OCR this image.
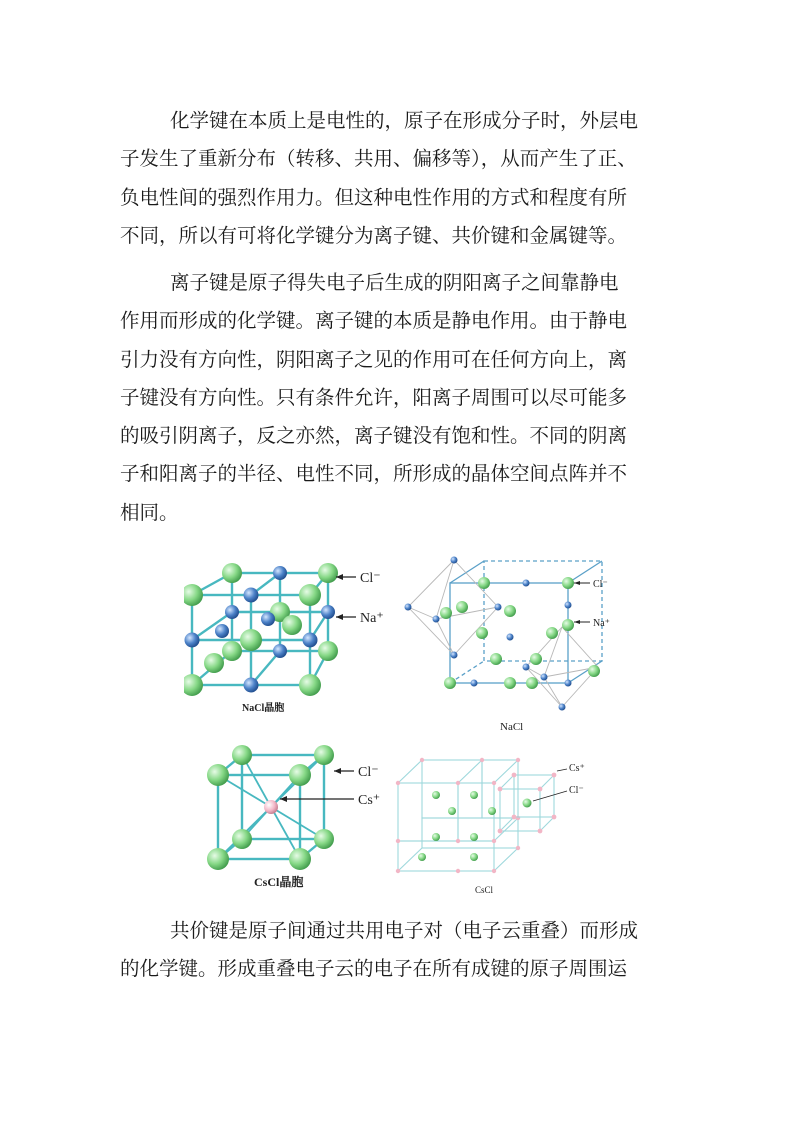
化学键在本质上是电性的，原子在形成分子时，外层电
子发生了重新分布（转移、共用、偏移等），从而产生了正、
负电性间的强烈作用力。但这种电性作用的方式和程度有所
不同，所以有可将化学键分为离子键、共价键和金属键等。

离子键是原子得失电子后生成的阴阳离子之间靠静电
作用而形成的化学键。离子键的本质是静电作用。由于静电
引力没有方向性，阴阳离子之见的作用可在任何方向上，离
子键没有方向性。只有条件允许，阳离子周围可以尽可能多
的吸引阴离子，反之亦然，离子键没有饱和性。不同的阴离
子和阳离子的半径、电性不同，所形成的晶体空间点阵并不
相同。

Cl⁻
Na⁺
NaCl晶胞
Cl⁻
Na⁺
NaCl
Cl⁻
Cs⁺
CsCl晶胞
CsCl
Cs⁺
Cl⁻

共价键是原子间通过共用电子对（电子云重叠）而形成
的化学键。形成重叠电子云的电子在所有成键的原子周围运
